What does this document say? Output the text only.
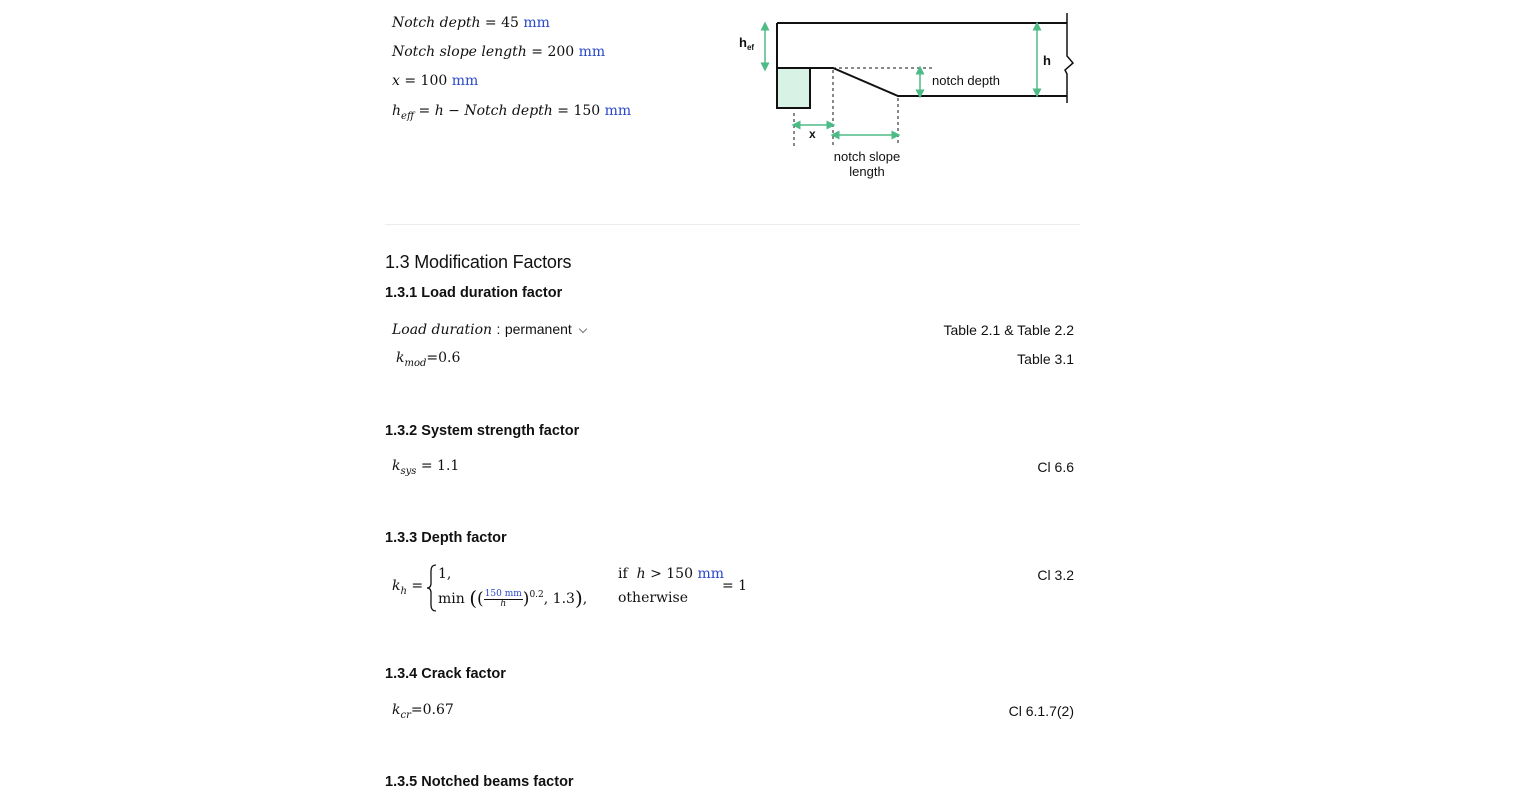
Notch depth = 45 mm
Notch slope length = 200 mm
x = 100 mm
$h_{eff} = h$ − Notch depth = 150 mm
$h_{ef}$
h
notch depth
x
notch slope
length
1.3 Modification Factors
1.3.1 Load duration factor
Load duration : permanent	Table 2.1 & Table 2.2
$k_{mod}=0.6$	Table 3.1
1.3.2 System strength factor
$k_{sys} = 1.1$	Cl 6.6
1.3.3 Depth factor
$k_h$ =
1,	if h > 150 mm
min (( $\frac{150 mm}{h} )^{0.2}$, 1.3), otherwise
= 1
Cl 3.2
1.3.4 Crack factor
$k_{cr}=0.67$	Cl 6.1.7(2)
1.3.5 Notched beams factor
